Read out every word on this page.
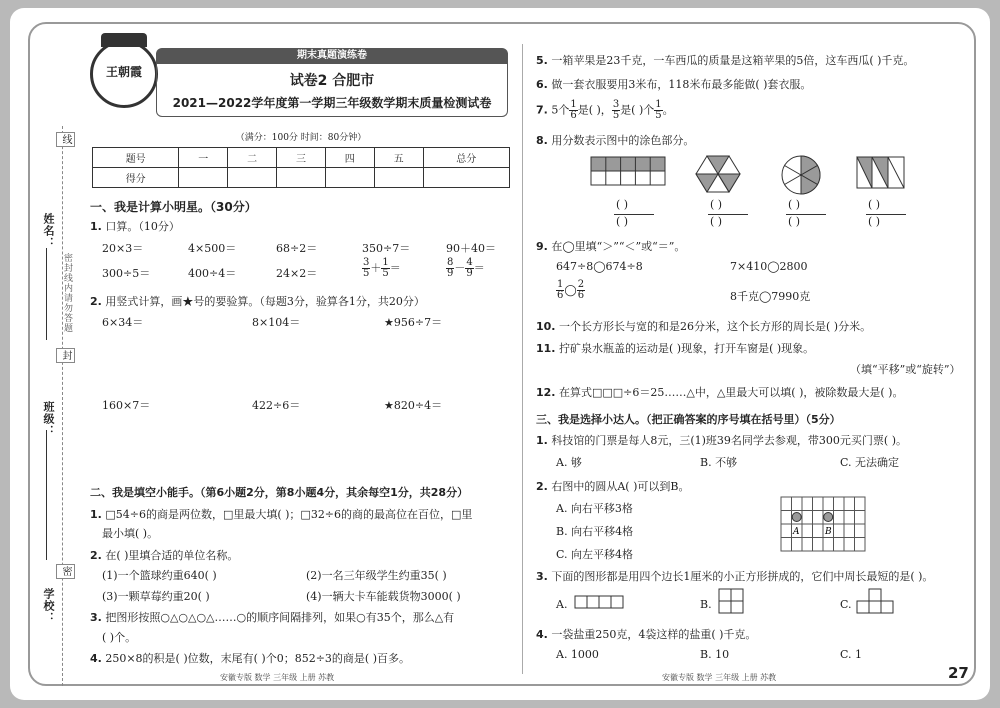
线
封
密
密封线内请勿答题
姓名：
班级：
学校：
王朝霞
期末真题演练卷
试卷2 合肥市
2021—2022学年度第一学期三年级数学期末质量检测试卷
（满分：100分 时间：80分钟）
题号	一	二	三	四	五	总分
得分						
一、我是计算小明星。（30分）
1. 口算。（10分）
20×3＝	4×500＝	68÷2＝	350÷7＝	90＋40＝
300÷5＝	400÷4＝	24×2＝	$\frac{3}{5} + \frac{1}{5}$ ＝	$\frac{8}{9} - \frac{4}{9}$ ＝
2. 用竖式计算，画★号的要验算。（每题3分，验算各1分，共20分）
6×34＝	8×104＝	★956÷7＝
160×7＝	422÷6＝	★820÷4＝
二、我是填空小能手。（第6小题2分，第8小题4分，其余每空1分，共28分）
1. □54÷6的商是两位数，□里最大填( )；□32÷6的商的最高位在百位，□里
最小填( )。
2. 在( )里填合适的单位名称。
(1)一个篮球约重640( )	(2)一名三年级学生约重35( )
(3)一颗草莓约重20( )	(4)一辆大卡车能载货物3000( )
3. 把图形按照○△○△○△……○的顺序间隔排列，如果○有35个，那么△有
( )个。
4. 250×8的积是( )位数，末尾有( )个0；852÷3的商是( )百多。
安徽专版 数学 三年级 上册 苏教
5. 一箱苹果是23千克，一车西瓜的质量是这箱苹果的5倍，这车西瓜( )千克。
6. 做一套衣服要用3米布，118米布最多能做( )套衣服。
7. 5个 $\frac{1}{6}$ 是( )， $\frac{3}{5}$ 是( )个 $\frac{1}{5}$ 。
8. 用分数表示图中的涂色部分。
( )
( )
( )
( )
( )
( )
( )
( )
9. 在◯里填“＞”“＜”或“＝”。
647÷8◯674÷8	7×410◯2800
$\frac{1}{6}$ ◯ $\frac{2}{6}$	8千克◯7990克
10. 一个长方形长与宽的和是26分米，这个长方形的周长是( )分米。
11. 拧矿泉水瓶盖的运动是( )现象，打开车窗是( )现象。
（填“平移”或“旋转”）
12. 在算式□□□÷6＝25……△中，△里最大可以填( )，被除数最大是( )。
三、我是选择小达人。（把正确答案的序号填在括号里）（5分）
1. 科技馆的门票是每人8元，三(1)班39名同学去参观，带300元买门票( )。
A. 够	B. 不够	C. 无法确定
2. 右图中的圆从A( )可以到B。
A. 向右平移3格
B. 向右平移4格
C. 向左平移4格
A	B
3. 下面的图形都是用四个边长1厘米的小正方形拼成的，它们中周长最短的是( )。
A.	B.	C.
4. 一袋盐重250克，4袋这样的盐重( )千克。
A. 1000	B. 10	C. 1
安徽专版 数学 三年级 上册 苏教	27
